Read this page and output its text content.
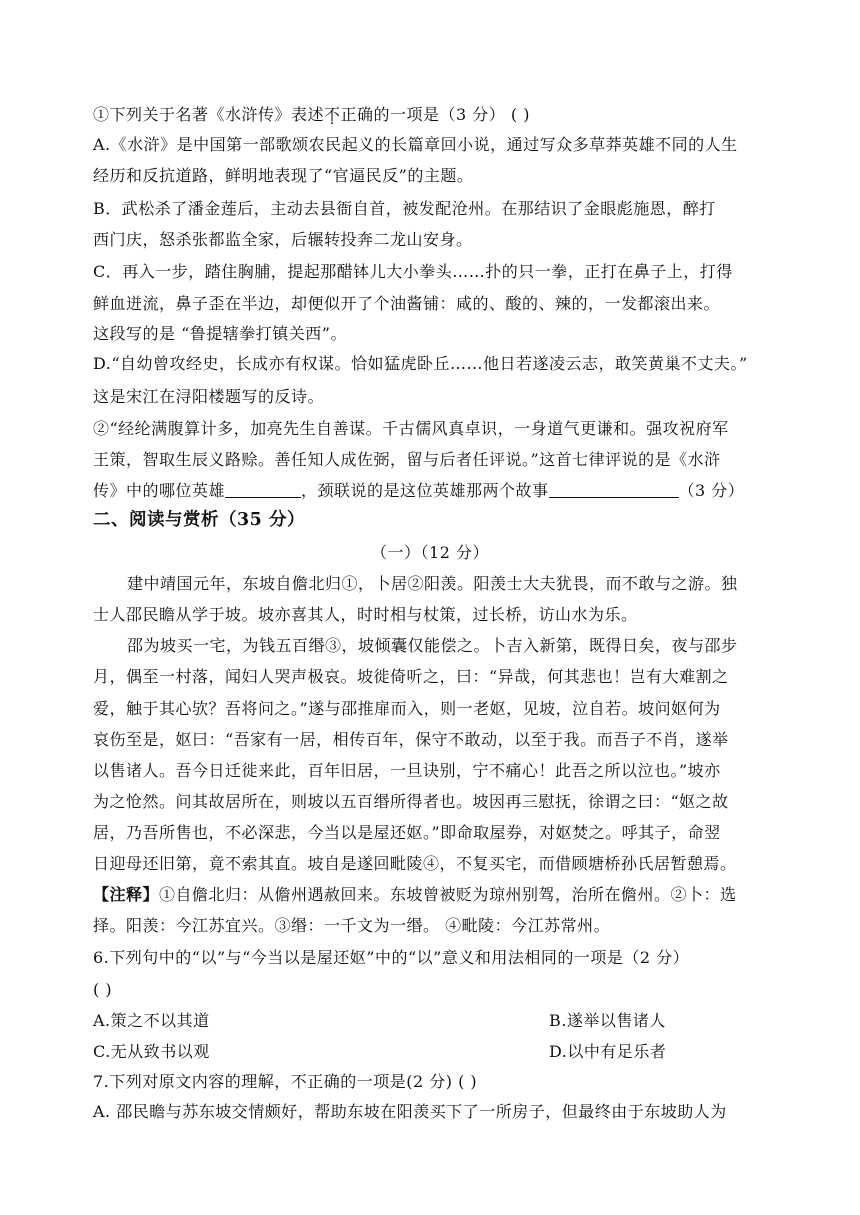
①下列关于名著《水浒传》表述不正确的一项是（3 分） ( )
A.《水浒》是中国第一部歌颂农民起义的长篇章回小说，通过写众多草莽英雄不同的人生
经历和反抗道路，鲜明地表现了“官逼民反”的主题。
B．武松杀了潘金莲后，主动去县衙自首，被发配沧州。在那结识了金眼彪施恩，醉打
西门庆，怒杀张都监全家，后辗转投奔二龙山安身。
C．再入一步，踏住胸脯，提起那醋钵儿大小拳头……扑的只一拳，正打在鼻子上，打得
鲜血迸流，鼻子歪在半边，却便似开了个油酱铺：咸的、酸的、辣的，一发都滚出来。
这段写的是 “鲁提辖拳打镇关西”。
D.“自幼曾攻经史，长成亦有权谋。恰如猛虎卧丘……他日若遂凌云志，敢笑黄巢不丈夫。”
这是宋江在浔阳楼题写的反诗。
②“经纶满腹算计多，加亮先生自善谋。千古儒风真卓识，一身道气更谦和。强攻祝府军
王策，智取生辰义路赊。善任知人成佐弼，留与后者任评说。”这首七律评说的是《水浒
传》中的哪位英雄	，颈联说的是这位英雄那两个故事	（3 分）
二、阅读与赏析（35 分）
（一）（12 分）
建中靖国元年，东坡自儋北归①，卜居②阳羡。阳羡士大夫犹畏，而不敢与之游。独
士人邵民瞻从学于坡。坡亦喜其人，时时相与杖策，过长桥，访山水为乐。
邵为坡买一宅，为钱五百缗③，坡倾囊仅能偿之。卜吉入新第，既得日矣，夜与邵步
月，偶至一村落，闻妇人哭声极哀。坡徙倚听之，曰：“异哉，何其悲也！岂有大难割之
爱，触于其心欤？吾将问之。”遂与邵推扉而入，则一老妪，见坡，泣自若。坡问妪何为
哀伤至是，妪曰：“吾家有一居，相传百年，保守不敢动，以至于我。而吾子不肖，遂举
以售诸人。吾今日迁徙来此，百年旧居，一旦诀别，宁不痛心！此吾之所以泣也。”坡亦
为之怆然。问其故居所在，则坡以五百缗所得者也。坡因再三慰抚，徐谓之曰：“妪之故
居，乃吾所售也，不必深悲，今当以是屋还妪。”即命取屋券，对妪焚之。呼其子，命翌
日迎母还旧第，竟不索其直。坡自是遂回毗陵④，不复买宅，而借顾塘桥孙氏居暂憩焉。
【注释】①自儋北归：从儋州遇赦回来。东坡曾被贬为琼州别驾，治所在儋州。②卜：选
择。阳羡：今江苏宜兴。③缗：一千文为一缗。 ④毗陵：今江苏常州。
6.下列句中的“以”与“今当以是屋还妪”中的“以”意义和用法相同的一项是（2 分）
( )
A.策之不以其道	B.遂举以售诸人
C.无从致书以观	D.以中有足乐者
7.下列对原文内容的理解，不正确的一项是(2 分) ( )
A. 邵民瞻与苏东坡交情颇好，帮助东坡在阳羡买下了一所房子，但最终由于东坡助人为
